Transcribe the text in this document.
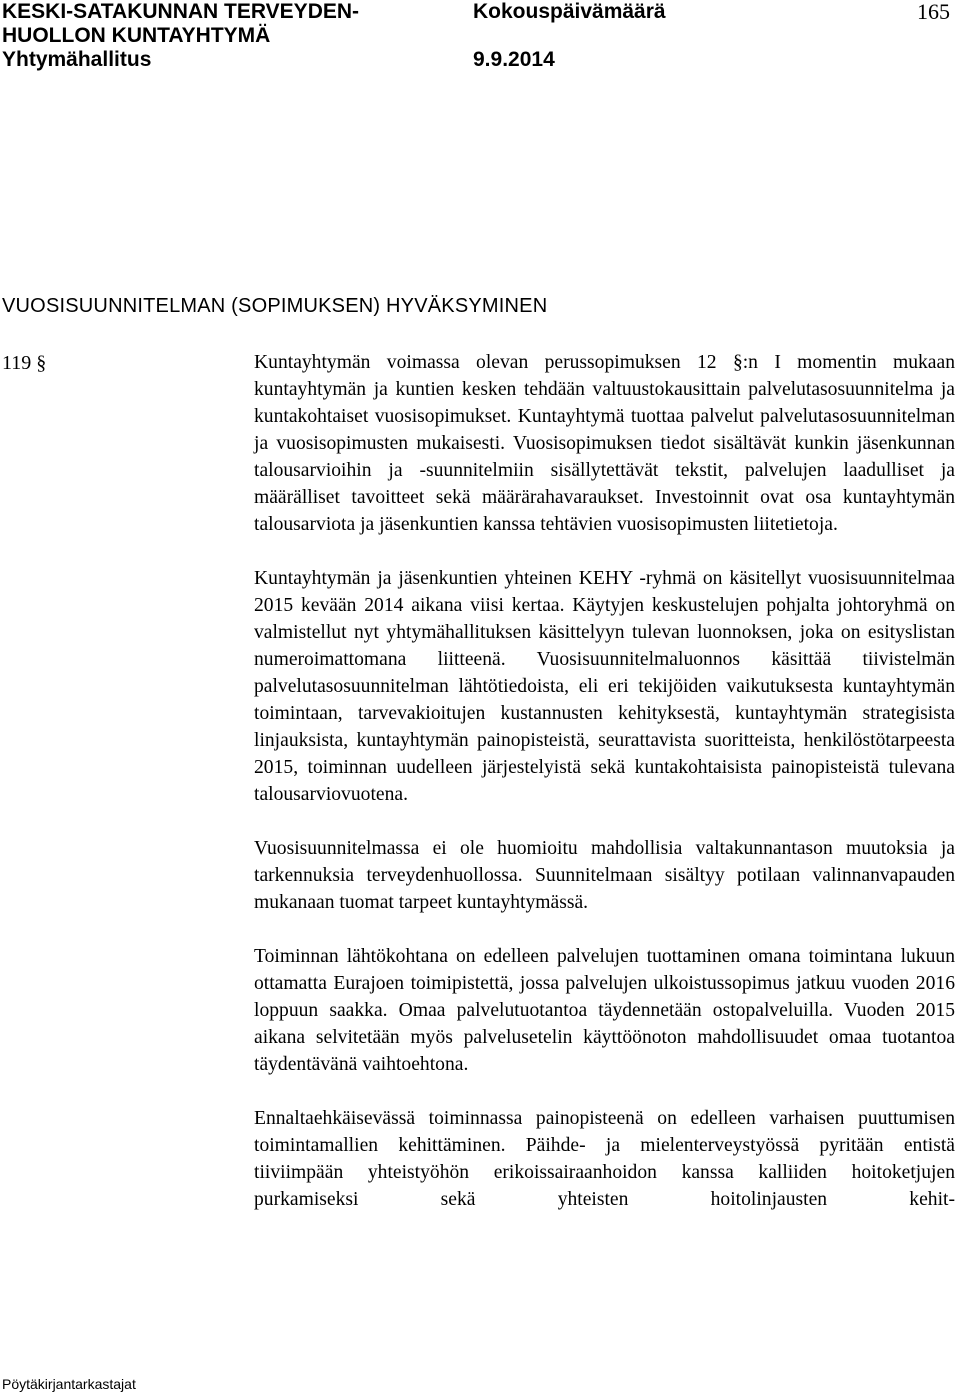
KESKI-SATAKUNNAN TERVEYDEN-
HUOLLON KUNTAYHTYMÄ
Yhtymähallitus
Kokouspäivämäärä
9.9.2014
165
VUOSISUUNNITELMAN (SOPIMUKSEN) HYVÄKSYMINEN
119 §	Kuntayhtymän voimassa olevan perussopimuksen 12 §:n I momentin mukaan kuntayhtymän ja kuntien kesken tehdään valtuustokausittain palvelutasosuunnitelma ja kuntakohtaiset vuosisopimukset. Kuntayhtymä tuottaa palvelut palvelutasosuunnitelman ja vuosisopimusten mukaisesti. Vuosisopimuksen tiedot sisältävät kunkin jäsenkunnan talousarvioihin ja -suunnitelmiin sisällytettävät tekstit, palvelujen laadulliset ja määrälliset tavoitteet sekä määrärahavaraukset. Investoinnit ovat osa kuntayhtymän talousarviota ja jäsenkuntien kanssa tehtävien vuosisopimusten liitetietoja.

Kuntayhtymän ja jäsenkuntien yhteinen KEHY -ryhmä on käsitellyt vuosisuunnitelmaa 2015 kevään 2014 aikana viisi kertaa. Käytyjen keskustelujen pohjalta johtoryhmä on valmistellut nyt yhtymähallituksen käsittelyyn tulevan luonnoksen, joka on esityslistan numeroimattomana liitteenä. Vuosisuunnitelmaluonnos käsittää tiivistelmän palvelutasosuunnitelman lähtötiedoista, eli eri tekijöiden vaikutuksesta kuntayhtymän toimintaan, tarvevakioitujen kustannusten kehityksestä, kuntayhtymän strategisista linjauksista, kuntayhtymän painopisteistä, seurattavista suoritteista, henkilöstötarpeesta 2015, toiminnan uudelleen järjestelyistä sekä kuntakohtaisista painopisteistä tulevana talousarviovuotena.

Vuosisuunnitelmassa ei ole huomioitu mahdollisia valtakunnantason muutoksia ja tarkennuksia terveydenhuollossa. Suunnitelmaan sisältyy potilaan valinnanvapauden mukanaan tuomat tarpeet kuntayhtymässä.

Toiminnan lähtökohtana on edelleen palvelujen tuottaminen omana toimintana lukuun ottamatta Eurajoen toimipistettä, jossa palvelujen ulkoistussopimus jatkuu vuoden 2016 loppuun saakka. Omaa palvelutuotantoa täydennetään ostopalveluilla. Vuoden 2015 aikana selvitetään myös palvelusetelin käyttöönoton mahdollisuudet omaa tuotantoa täydentävänä vaihtoehtona.

Ennaltaehkäisevässä toiminnassa painopisteenä on edelleen varhaisen puuttumisen toimintamallien kehittäminen. Päihde- ja mielenterveystyössä pyritään entistä tiiviimpään yhteistyöhön erikoissairaanhoidon kanssa kalliiden hoitoketjujen purkamiseksi sekä yhteisten hoitolinjausten kehit-

Pöytäkirjantarkastajat
